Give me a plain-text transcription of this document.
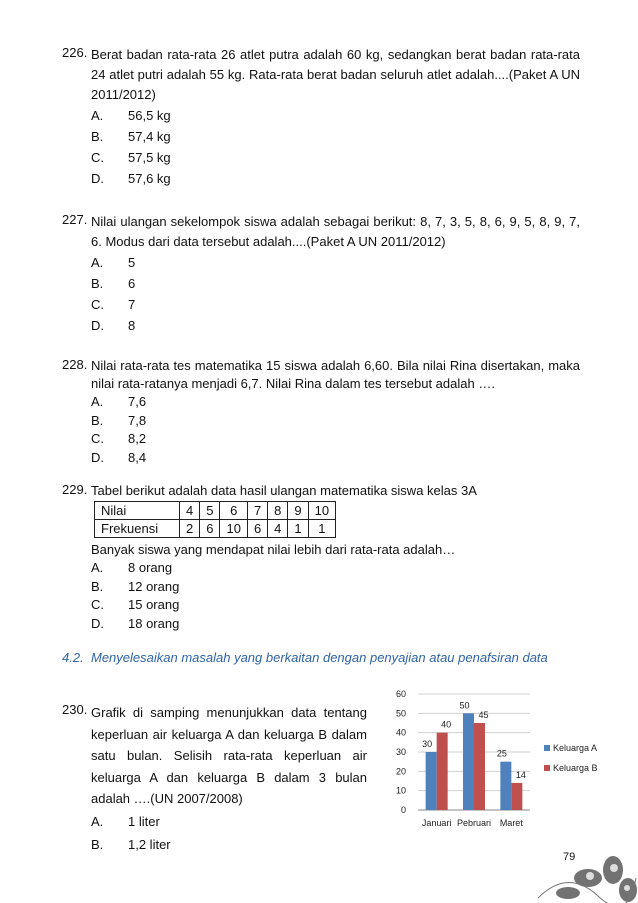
226. Berat badan rata-rata 26 atlet putra adalah 60 kg, sedangkan berat badan rata-rata 24 atlet putri adalah 55 kg. Rata-rata berat badan seluruh atlet adalah....(Paket A UN 2011/2012)
A.	56,5 kg
B.	57,4 kg
C.	57,5 kg
D.	57,6 kg
227. Nilai ulangan sekelompok siswa adalah sebagai berikut: 8, 7, 3, 5, 8, 6, 9, 5, 8, 9, 7, 6. Modus dari data tersebut adalah....(Paket A UN 2011/2012)
A.	5
B.	6
C.	7
D.	8
228. Nilai rata-rata tes matematika 15 siswa adalah 6,60. Bila nilai Rina disertakan, maka nilai rata-ratanya menjadi 6,7. Nilai Rina dalam tes tersebut adalah ….
A.	7,6
B.	7,8
C.	8,2
D.	8,4
229. Tabel berikut adalah data hasil ulangan matematika siswa kelas 3A
Nilai	4	5	6	7	8	9	10
Frekuensi	2	6	10	6	4	1	1
Banyak siswa yang mendapat nilai lebih dari rata-rata adalah…
A.	8 orang
B.	12 orang
C.	15 orang
D.	18 orang
4.2. Menyelesaikan masalah yang berkaitan dengan penyajian atau penafsiran data
230. Grafik di samping menunjukkan data tentang keperluan air keluarga A dan keluarga B dalam satu bulan. Selisih rata-rata keperluan air keluarga A dan keluarga B dalam 3 bulan adalah ….(UN 2007/2008)
A.	1 liter
B.	1,2 liter
0
10
20
30
40
50
60
30
40
Januari
50
45
Pebruari
25
14
Maret
Keluarga A
Keluarga B
79
